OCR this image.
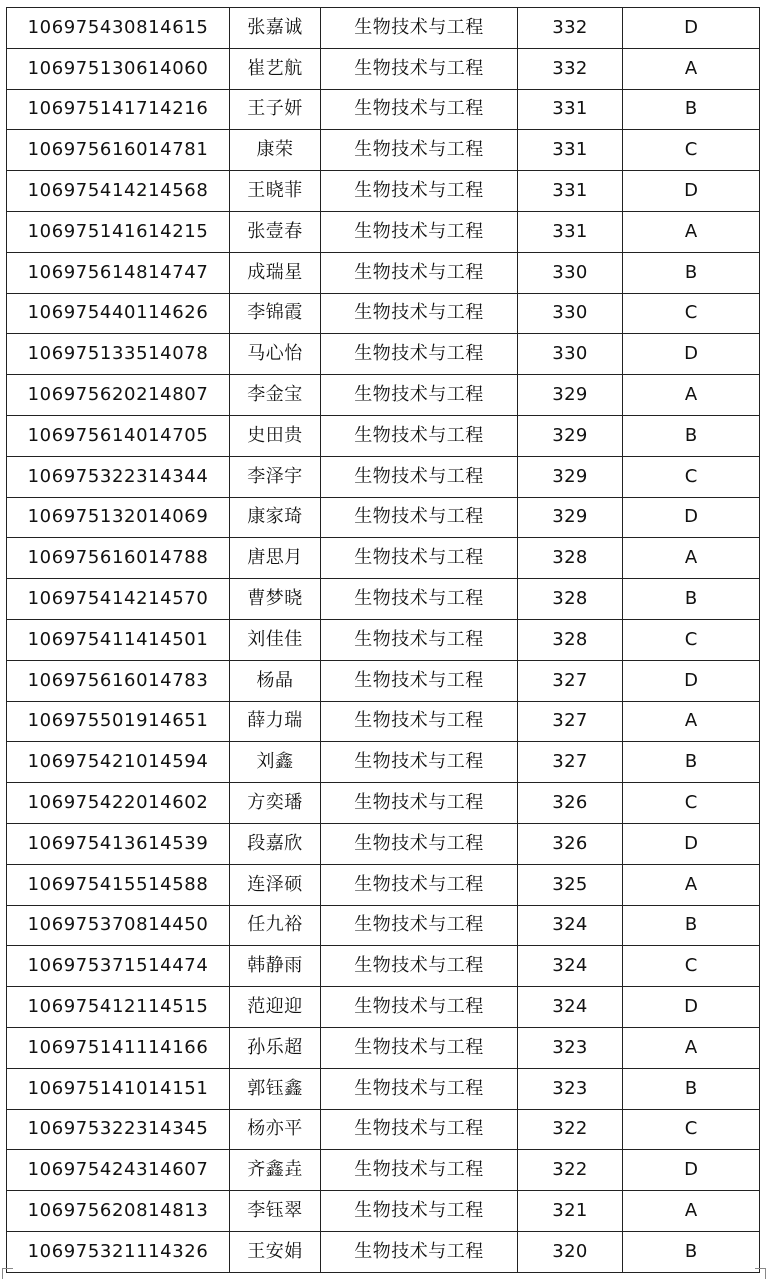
106975430814615	张嘉诚	生物技术与工程	332	D
106975130614060	崔艺航	生物技术与工程	332	A
106975141714216	王子妍	生物技术与工程	331	B
106975616014781	康荣	生物技术与工程	331	C
106975414214568	王晓菲	生物技术与工程	331	D
106975141614215	张壹春	生物技术与工程	331	A
106975614814747	成瑞星	生物技术与工程	330	B
106975440114626	李锦霞	生物技术与工程	330	C
106975133514078	马心怡	生物技术与工程	330	D
106975620214807	李金宝	生物技术与工程	329	A
106975614014705	史田贵	生物技术与工程	329	B
106975322314344	李泽宇	生物技术与工程	329	C
106975132014069	康家琦	生物技术与工程	329	D
106975616014788	唐思月	生物技术与工程	328	A
106975414214570	曹梦晓	生物技术与工程	328	B
106975411414501	刘佳佳	生物技术与工程	328	C
106975616014783	杨晶	生物技术与工程	327	D
106975501914651	薛力瑞	生物技术与工程	327	A
106975421014594	刘鑫	生物技术与工程	327	B
106975422014602	方奕璠	生物技术与工程	326	C
106975413614539	段嘉欣	生物技术与工程	326	D
106975415514588	连泽硕	生物技术与工程	325	A
106975370814450	任九裕	生物技术与工程	324	B
106975371514474	韩静雨	生物技术与工程	324	C
106975412114515	范迎迎	生物技术与工程	324	D
106975141114166	孙乐超	生物技术与工程	323	A
106975141014151	郭钰鑫	生物技术与工程	323	B
106975322314345	杨亦平	生物技术与工程	322	C
106975424314607	齐鑫垚	生物技术与工程	322	D
106975620814813	李钰翠	生物技术与工程	321	A
106975321114326	王安娟	生物技术与工程	320	B
